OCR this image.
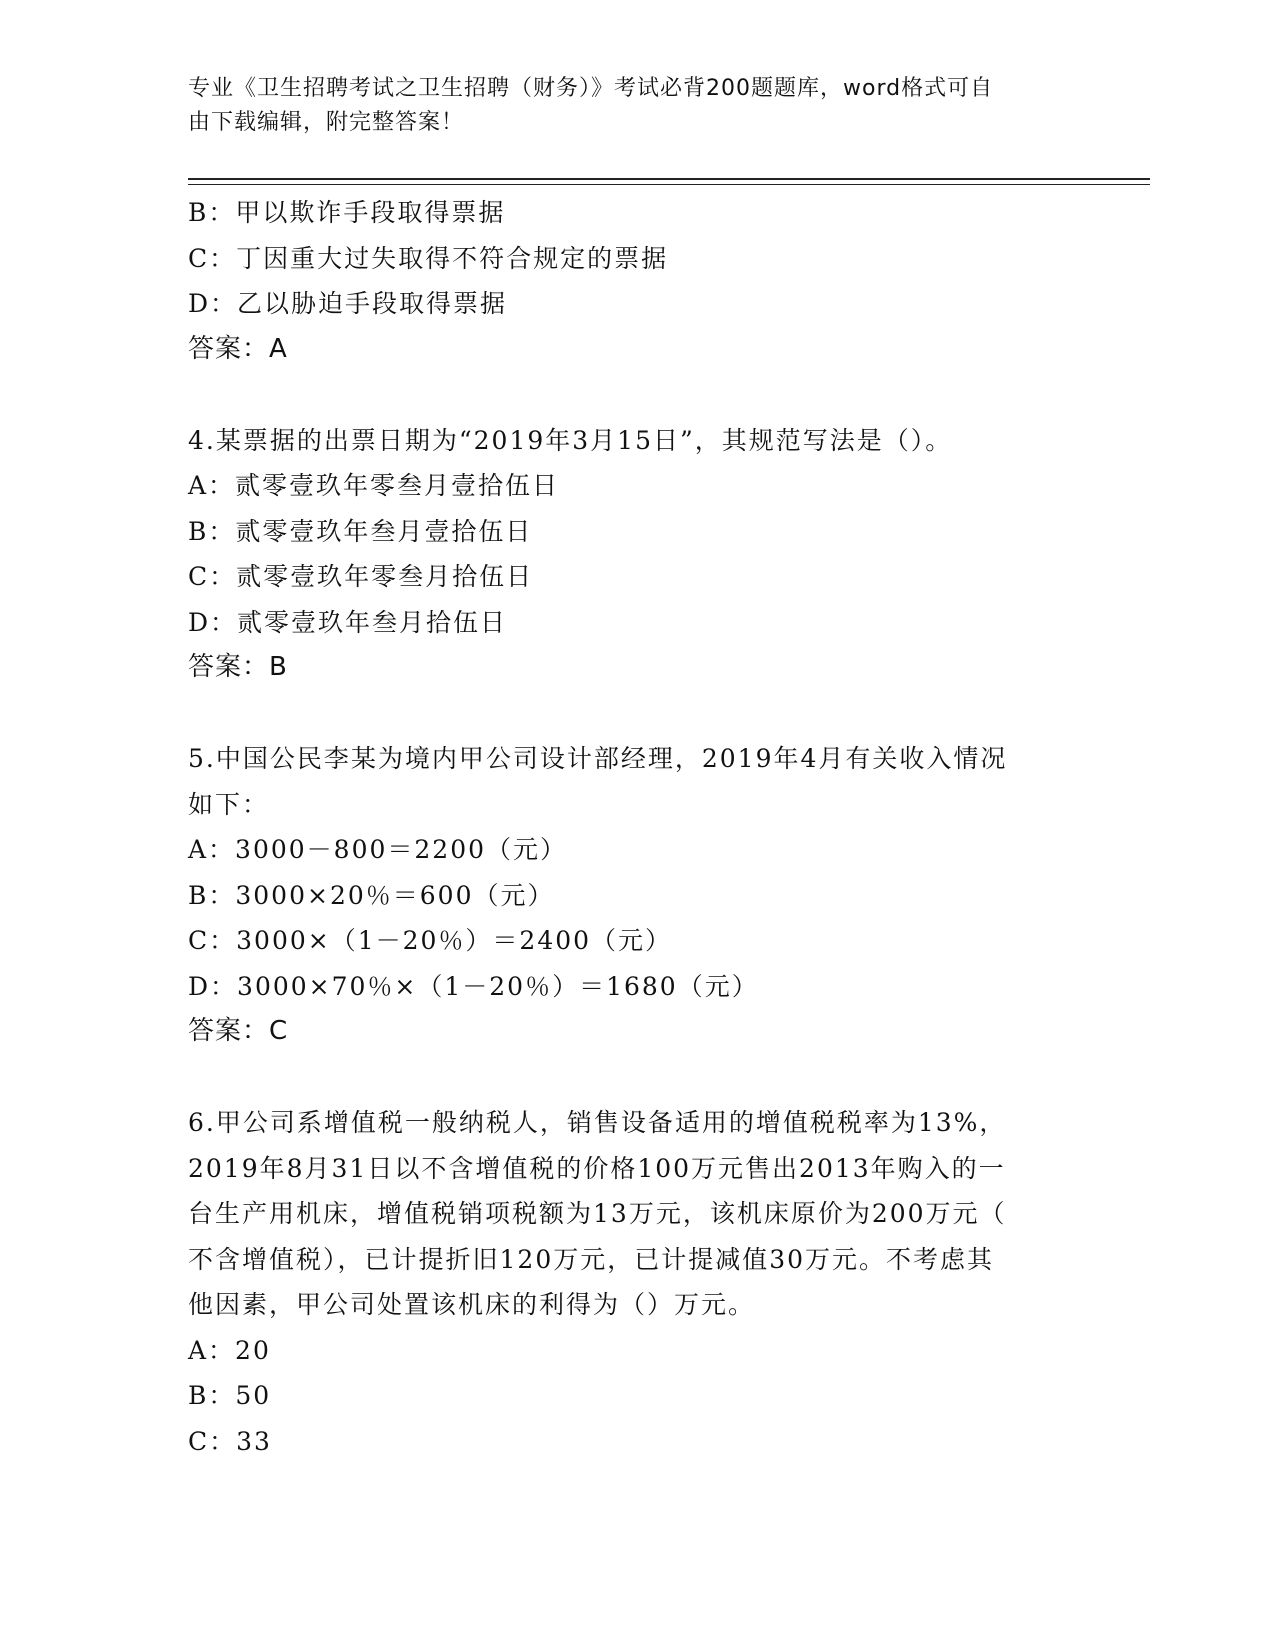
专业《卫生招聘考试之卫生招聘（财务）》考试必背200题题库，word格式可自
由下载编辑，附完整答案！
B：甲以欺诈手段取得票据
C：丁因重大过失取得不符合规定的票据
D：乙以胁迫手段取得票据
答案：A
4.某票据的出票日期为“2019年3月15日”，其规范写法是（）。
A：贰零壹玖年零叁月壹拾伍日
B：贰零壹玖年叁月壹拾伍日
C：贰零壹玖年零叁月拾伍日
D：贰零壹玖年叁月拾伍日
答案：B
5.中国公民李某为境内甲公司设计部经理，2019年4月有关收入情况
如下：
A：3000－800＝2200（元）
B：3000×20％＝600（元）
C：3000×（1－20％）＝2400（元）
D：3000×70％×（1－20％）＝1680（元）
答案：C
6.甲公司系增值税一般纳税人，销售设备适用的增值税税率为13%，
2019年8月31日以不含增值税的价格100万元售出2013年购入的一
台生产用机床，增值税销项税额为13万元，该机床原价为200万元（
不含增值税），已计提折旧120万元，已计提减值30万元。不考虑其
他因素，甲公司处置该机床的利得为（）万元。
A：20
B：50
C：33
